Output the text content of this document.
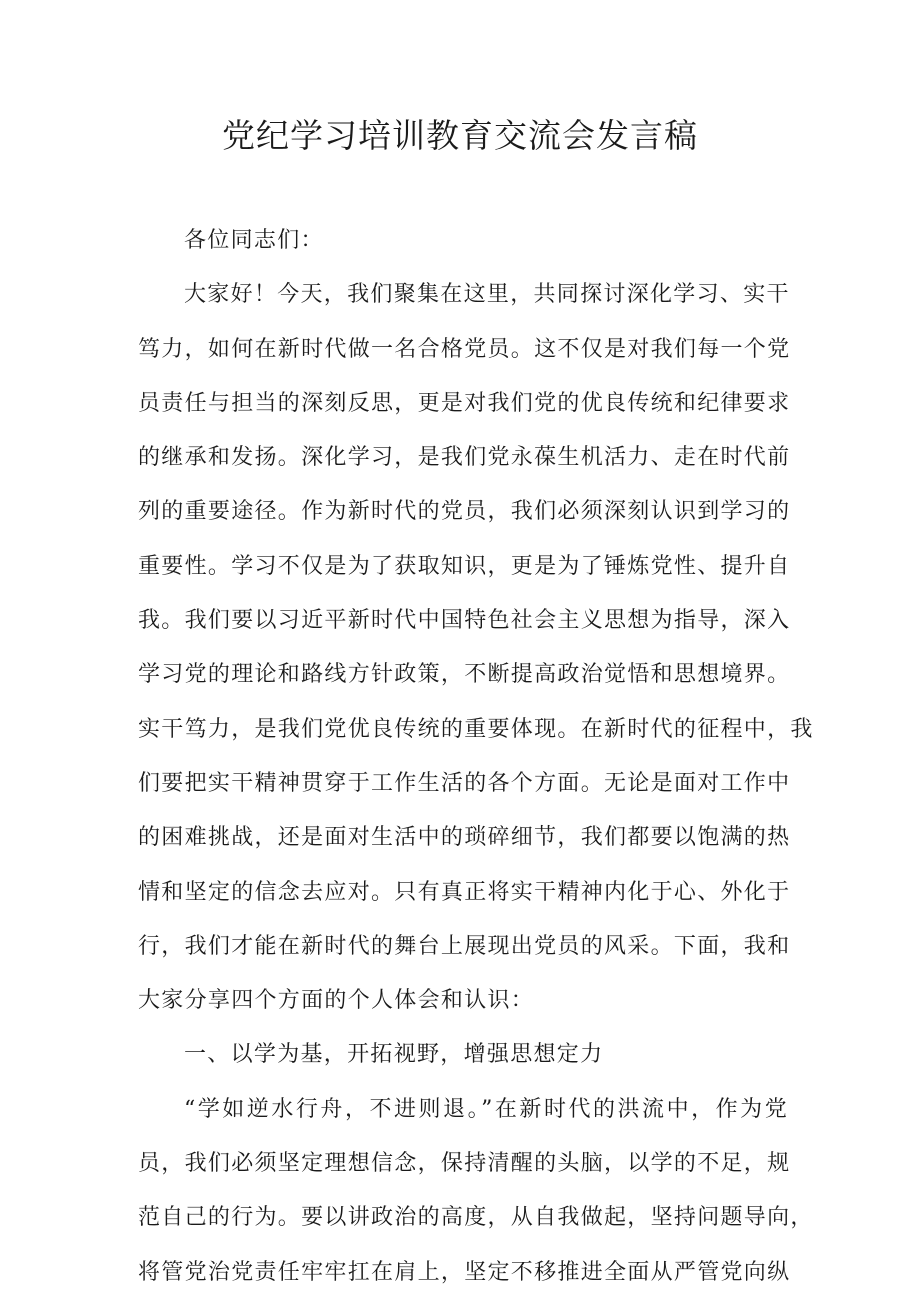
党纪学习培训教育交流会发言稿
各位同志们：
大家好！今天，我们聚集在这里，共同探讨深化学习、实干
笃力，如何在新时代做一名合格党员。这不仅是对我们每一个党
员责任与担当的深刻反思，更是对我们党的优良传统和纪律要求
的继承和发扬。深化学习，是我们党永葆生机活力、走在时代前
列的重要途径。作为新时代的党员，我们必须深刻认识到学习的
重要性。学习不仅是为了获取知识，更是为了锤炼党性、提升自
我。我们要以习近平新时代中国特色社会主义思想为指导，深入
学习党的理论和路线方针政策，不断提高政治觉悟和思想境界。
实干笃力，是我们党优良传统的重要体现。在新时代的征程中，我
们要把实干精神贯穿于工作生活的各个方面。无论是面对工作中
的困难挑战，还是面对生活中的琐碎细节，我们都要以饱满的热
情和坚定的信念去应对。只有真正将实干精神内化于心、外化于
行，我们才能在新时代的舞台上展现出党员的风采。下面，我和
大家分享四个方面的个人体会和认识：
一、以学为基，开拓视野，增强思想定力
“学如逆水行舟，不进则退。”在新时代的洪流中，作为党
员，我们必须坚定理想信念，保持清醒的头脑，以学的不足，规
范自己的行为。要以讲政治的高度，从自我做起，坚持问题导向，
将管党治党责任牢牢扛在肩上，坚定不移推进全面从严管党向纵
